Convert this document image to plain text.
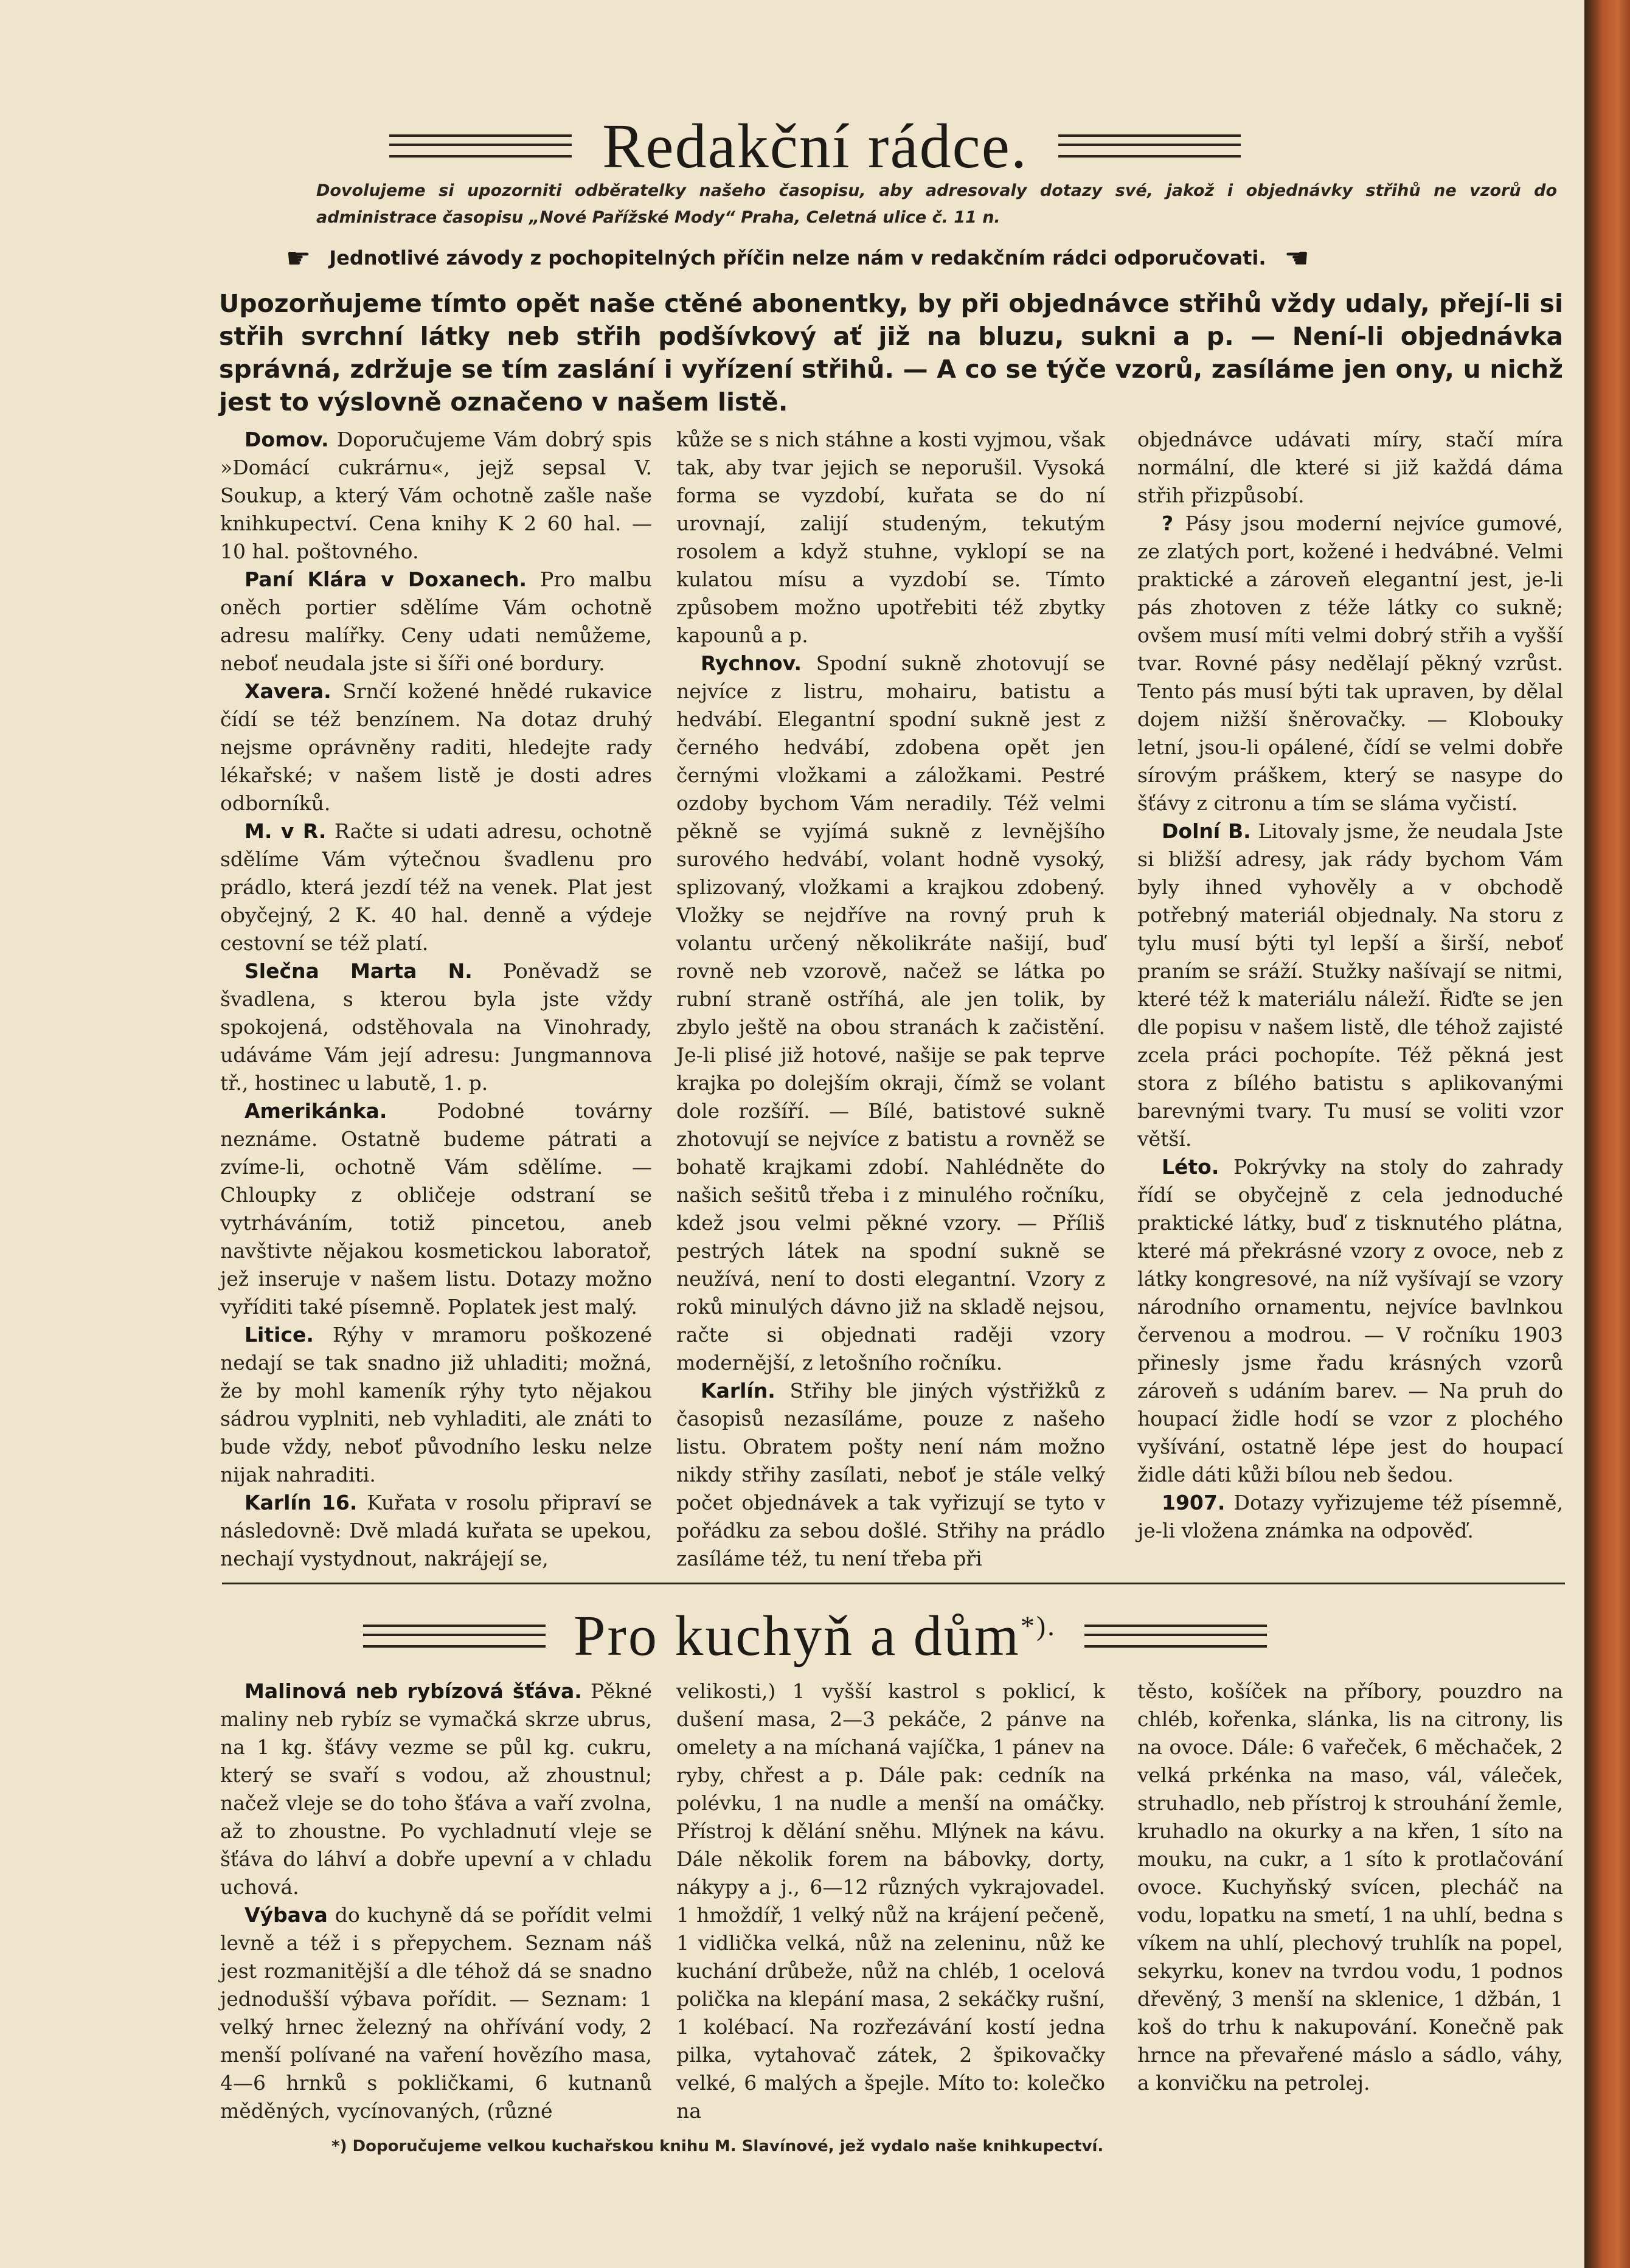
Redakční rádce.
Dovolujeme si upozorniti odběratelky našeho časopisu, aby adresovaly dotazy své, jakož i objednávky střihů ne vzorů do administrace časopisu „Nové Pařížské Mody“ Praha, Celetná ulice č. 11 n.
☛ Jednotlivé závody z pochopitelných příčin nelze nám v redakčním rádci odporučovati. ☚
Upozorňujeme tímto opět naše ctěné abonentky, by při objednávce střihů vždy udaly, přejí-li si střih svrchní látky neb střih podšívkový ať již na bluzu, sukni a p. — Není-li objednávka správná, zdržuje se tím zaslání i vyřízení střihů. — A co se týče vzorů, zasíláme jen ony, u nichž jest to výslovně označeno v našem listě.

Domov. Doporučujeme Vám dobrý spis »Domácí cukrárnu«, jejž sepsal V. Soukup, a který Vám ochotně zašle naše knihkupectví. Cena knihy K 2 60 hal. — 10 hal. poštovného.

Paní Klára v Doxanech. Pro malbu oněch portier sdělíme Vám ochotně adresu malířky. Ceny udati nemůžeme, neboť neudala jste si šíři oné bordury.

Xavera. Srnčí kožené hnědé rukavice čídí se též benzínem. Na dotaz druhý nejsme oprávněny raditi, hledejte rady lékařské; v našem listě je dosti adres odborníků.

M. v R. Račte si udati adresu, ochotně sdělíme Vám výtečnou švadlenu pro prádlo, která jezdí též na venek. Plat jest obyčejný, 2 K. 40 hal. denně a výdeje cestovní se též platí.

Slečna Marta N. Poněvadž se švadlena, s kterou byla jste vždy spokojená, odstěhovala na Vinohrady, udáváme Vám její adresu: Jungmannova tř., hostinec u labutě, 1. p.

Amerikánka. Podobné továrny neznáme. Ostatně budeme pátrati a zvíme-li, ochotně Vám sdělíme. — Chloupky z obličeje odstraní se vytrháváním, totiž pincetou, aneb navštivte nějakou kosmetickou laboratoř, jež inseruje v našem listu. Dotazy možno vyříditi také písemně. Poplatek jest malý.

Litice. Rýhy v mramoru poškozené nedají se tak snadno již uhladiti; možná, že by mohl kameník rýhy tyto nějakou sádrou vyplniti, neb vyhladiti, ale znáti to bude vždy, neboť původního lesku nelze nijak nahraditi.

Karlín 16. Kuřata v rosolu připraví se následovně: Dvě mladá kuřata se upekou, nechají vystydnout, nakrájejí se,

kůže se s nich stáhne a kosti vyjmou, však tak, aby tvar jejich se neporušil. Vysoká forma se vyzdobí, kuřata se do ní urovnají, zalijí studeným, tekutým rosolem a když stuhne, vyklopí se na kulatou mísu a vyzdobí se. Tímto způsobem možno upotřebiti též zbytky kapounů a p.

Rychnov. Spodní sukně zhotovují se nejvíce z listru, mohairu, batistu a hedvábí. Elegantní spodní sukně jest z černého hedvábí, zdobena opět jen černými vložkami a záložkami. Pestré ozdoby bychom Vám neradily. Též velmi pěkně se vyjímá sukně z levnějšího surového hedvábí, volant hodně vysoký, splizovaný, vložkami a krajkou zdobený. Vložky se nejdříve na rovný pruh k volantu určený několikráte našijí, buď rovně neb vzorově, načež se látka po rubní straně ostříhá, ale jen tolik, by zbylo ještě na obou stranách k začistění. Je-li plisé již hotové, našije se pak teprve krajka po dolejším okraji, čímž se volant dole rozšíří. — Bílé, batistové sukně zhotovují se nejvíce z batistu a rovněž se bohatě krajkami zdobí. Nahlédněte do našich sešitů třeba i z minulého ročníku, kdež jsou velmi pěkné vzory. — Příliš pestrých látek na spodní sukně se neužívá, není to dosti elegantní. Vzory z roků minulých dávno již na skladě nejsou, račte si objednati raději vzory modernější, z letošního ročníku.

Karlín. Střihy ble jiných výstřižků z časopisů nezasíláme, pouze z našeho listu. Obratem pošty není nám možno nikdy střihy zasílati, neboť je stále velký počet objednávek a tak vyřizují se tyto v pořádku za sebou došlé. Střihy na prádlo zasíláme též, tu není třeba při

objednávce udávati míry, stačí míra normální, dle které si již každá dáma střih přizpůsobí.

? Pásy jsou moderní nejvíce gumové, ze zlatých port, kožené i hedvábné. Velmi praktické a zároveň elegantní jest, je-li pás zhotoven z téže látky co sukně; ovšem musí míti velmi dobrý střih a vyšší tvar. Rovné pásy nedělají pěkný vzrůst. Tento pás musí býti tak upraven, by dělal dojem nižší šněrovačky. — Klobouky letní, jsou-li opálené, čídí se velmi dobře sírovým práškem, který se nasype do šťávy z citronu a tím se sláma vyčistí.

Dolní B. Litovaly jsme, že neudala Jste si bližší adresy, jak rády bychom Vám byly ihned vyhověly a v obchodě potřebný materiál objednaly. Na storu z tylu musí býti tyl lepší a širší, neboť praním se sráží. Stužky našívají se nitmi, které též k materiálu náleží. Řiďte se jen dle popisu v našem listě, dle téhož zajisté zcela práci pochopíte. Též pěkná jest stora z bílého batistu s aplikovanými barevnými tvary. Tu musí se voliti vzor větší.

Léto. Pokrývky na stoly do zahrady řídí se obyčejně z cela jednoduché praktické látky, buď z tisknutého plátna, které má překrásné vzory z ovoce, neb z látky kongresové, na níž vyšívají se vzory národního ornamentu, nejvíce bavlnkou červenou a modrou. — V ročníku 1903 přinesly jsme řadu krásných vzorů zároveň s udáním barev. — Na pruh do houpací židle hodí se vzor z plochého vyšívání, ostatně lépe jest do houpací židle dáti kůži bílou neb šedou.

1907. Dotazy vyřizujeme též písemně, je-li vložena známka na odpověď.

Pro kuchyň a dům*).

Malinová neb rybízová šťáva. Pěkné maliny neb rybíz se vymačká skrze ubrus, na 1 kg. šťávy vezme se půl kg. cukru, který se svaří s vodou, až zhoustnul; načež vleje se do toho šťáva a vaří zvolna, až to zhoustne. Po vychladnutí vleje se šťáva do láhví a dobře upevní a v chladu uchová.

Výbava do kuchyně dá se pořídit velmi levně a též i s přepychem. Seznam náš jest rozmanitější a dle téhož dá se snadno jednodušší výbava pořídit. — Seznam: 1 velký hrnec železný na ohřívání vody, 2 menší polívané na vaření hovězího masa, 4—6 hrnků s pokličkami, 6 kutnanů měděných, vycínovaných, (různé

velikosti,) 1 vyšší kastrol s poklicí, k dušení masa, 2—3 pekáče, 2 pánve na omelety a na míchaná vajíčka, 1 pánev na ryby, chřest a p. Dále pak: cedník na polévku, 1 na nudle a menší na omáčky. Přístroj k dělání sněhu. Mlýnek na kávu. Dále několik forem na bábovky, dorty, nákypy a j., 6—12 různých vykrajovadel. 1 hmoždíř, 1 velký nůž na krájení pečeně, 1 vidlička velká, nůž na zeleninu, nůž ke kuchání drůbeže, nůž na chléb, 1 ocelová polička na klepání masa, 2 sekáčky rušní, 1 kolébací. Na rozřezávání kostí jedna pilka, vytahovač zátek, 2 špikovačky velké, 6 malých a špejle. Míto to: kolečko na

těsto, košíček na příbory, pouzdro na chléb, kořenka, slánka, lis na citrony, lis na ovoce. Dále: 6 vařeček, 6 měchaček, 2 velká prkénka na maso, vál, váleček, struhadlo, neb přístroj k strouhání žemle, kruhadlo na okurky a na křen, 1 síto na mouku, na cukr, a 1 síto k protlačování ovoce. Kuchyňský svícen, plecháč na vodu, lopatku na smetí, 1 na uhlí, bedna s víkem na uhlí, plechový truhlík na popel, sekyrku, konev na tvrdou vodu, 1 podnos dřevěný, 3 menší na sklenice, 1 džbán, 1 koš do trhu k nakupování. Konečně pak hrnce na převařené máslo a sádlo, váhy, a konvičku na petrolej.

*) Doporučujeme velkou kuchařskou knihu M. Slavínové, jež vydalo naše knihkupectví.
